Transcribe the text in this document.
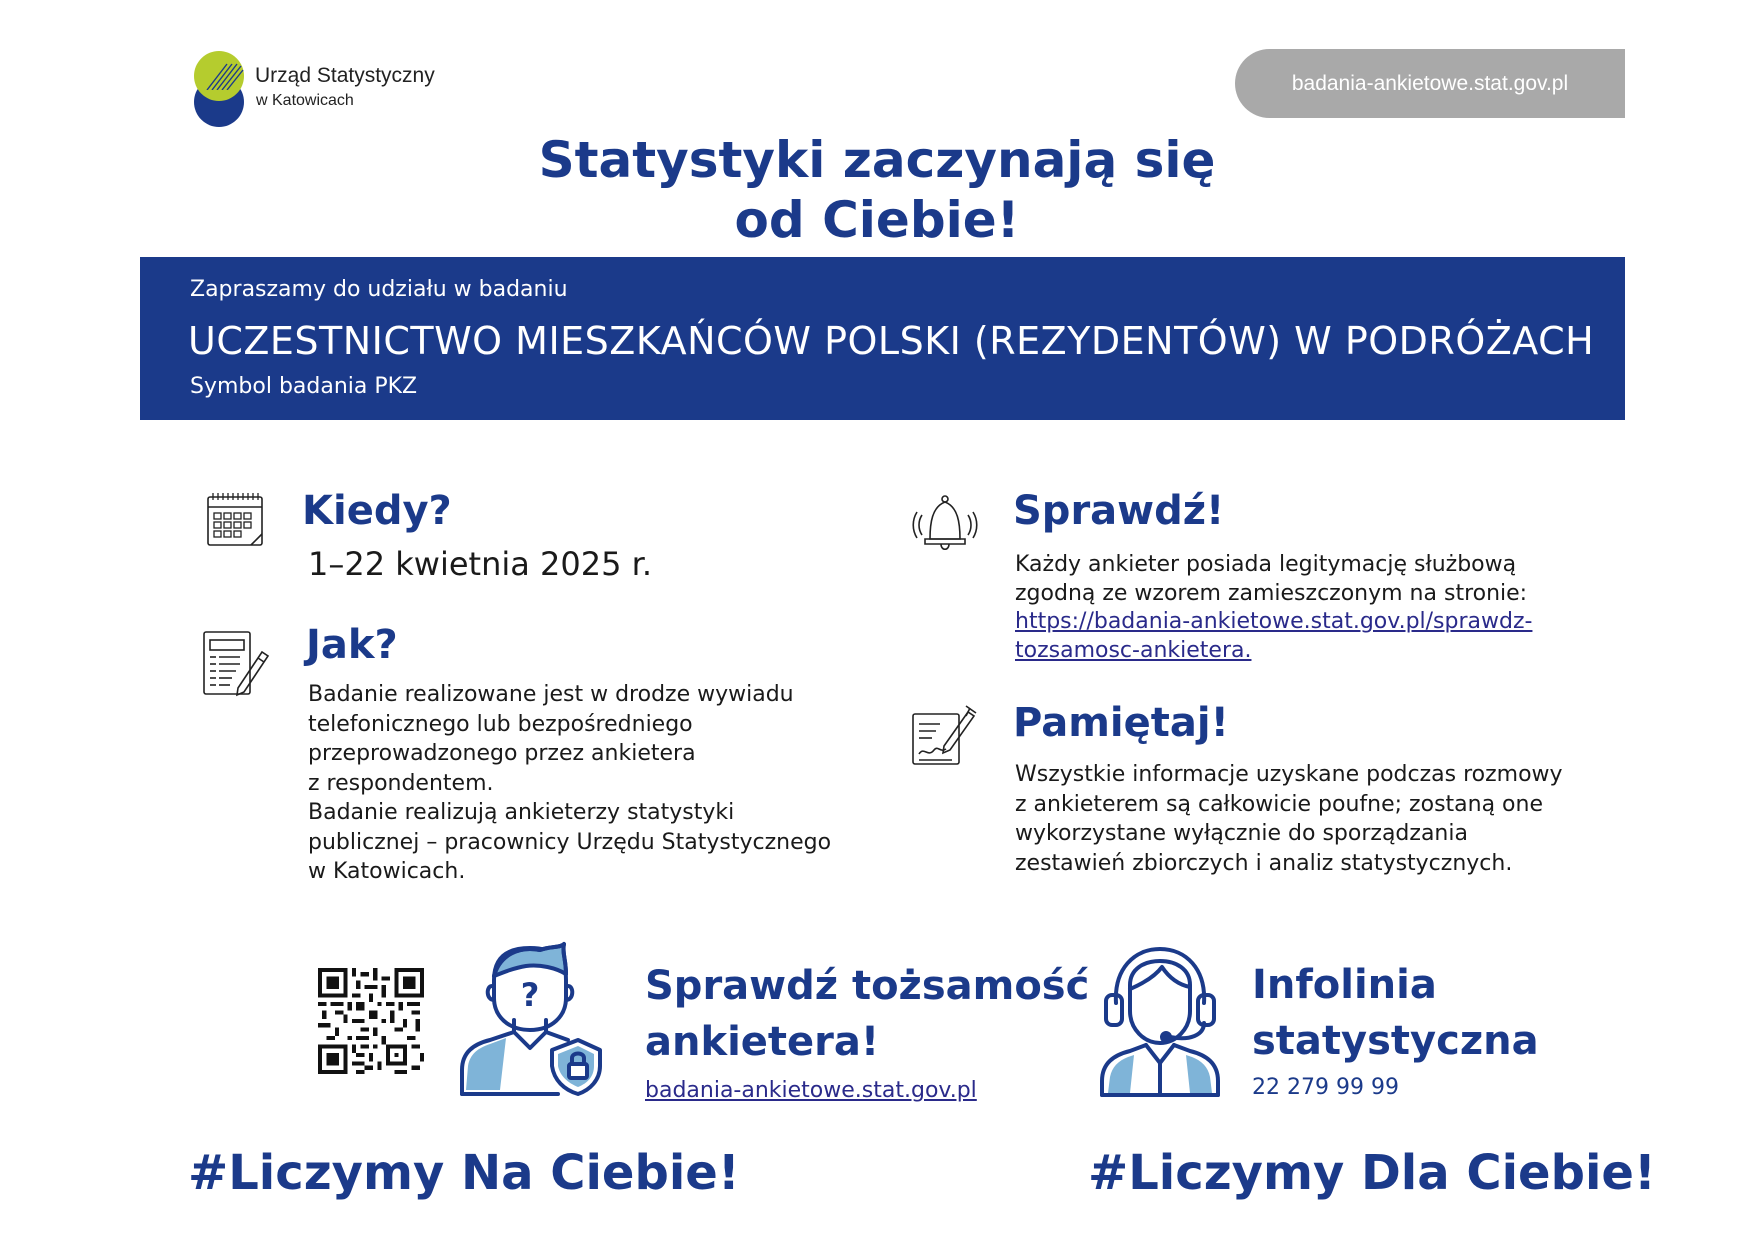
Urząd Statystyczny
w Katowicach
badania-ankietowe.stat.gov.pl
Statystyki zaczynają się
od Ciebie!
Zapraszamy do udziału w badaniu
UCZESTNICTWO MIESZKAŃCÓW POLSKI (REZYDENTÓW) W PODRÓŻACH
Symbol badania PKZ
Kiedy?
1–22 kwietnia 2025 r.
Jak?
Badanie realizowane jest w drodze wywiadu
telefonicznego lub bezpośredniego
przeprowadzonego przez ankietera
z respondentem.
Badanie realizują ankieterzy statystyki
publicznej – pracownicy Urzędu Statystycznego
w Katowicach.
Sprawdź!
Każdy ankieter posiada legitymację służbową
zgodną ze wzorem zamieszczonym na stronie:
https://badania-ankietowe.stat.gov.pl/sprawdz-
tozsamosc-ankietera.
Pamiętaj!
Wszystkie informacje uzyskane podczas rozmowy
z ankieterem są całkowicie poufne; zostaną one
wykorzystane wyłącznie do sporządzania
zestawień zbiorczych i analiz statystycznych.
?	Sprawdź tożsamość
ankietera!
badania-ankietowe.stat.gov.pl
Infolinia
statystyczna
22 279 99 99
#Liczymy Na Ciebie!	#Liczymy Dla Ciebie!
